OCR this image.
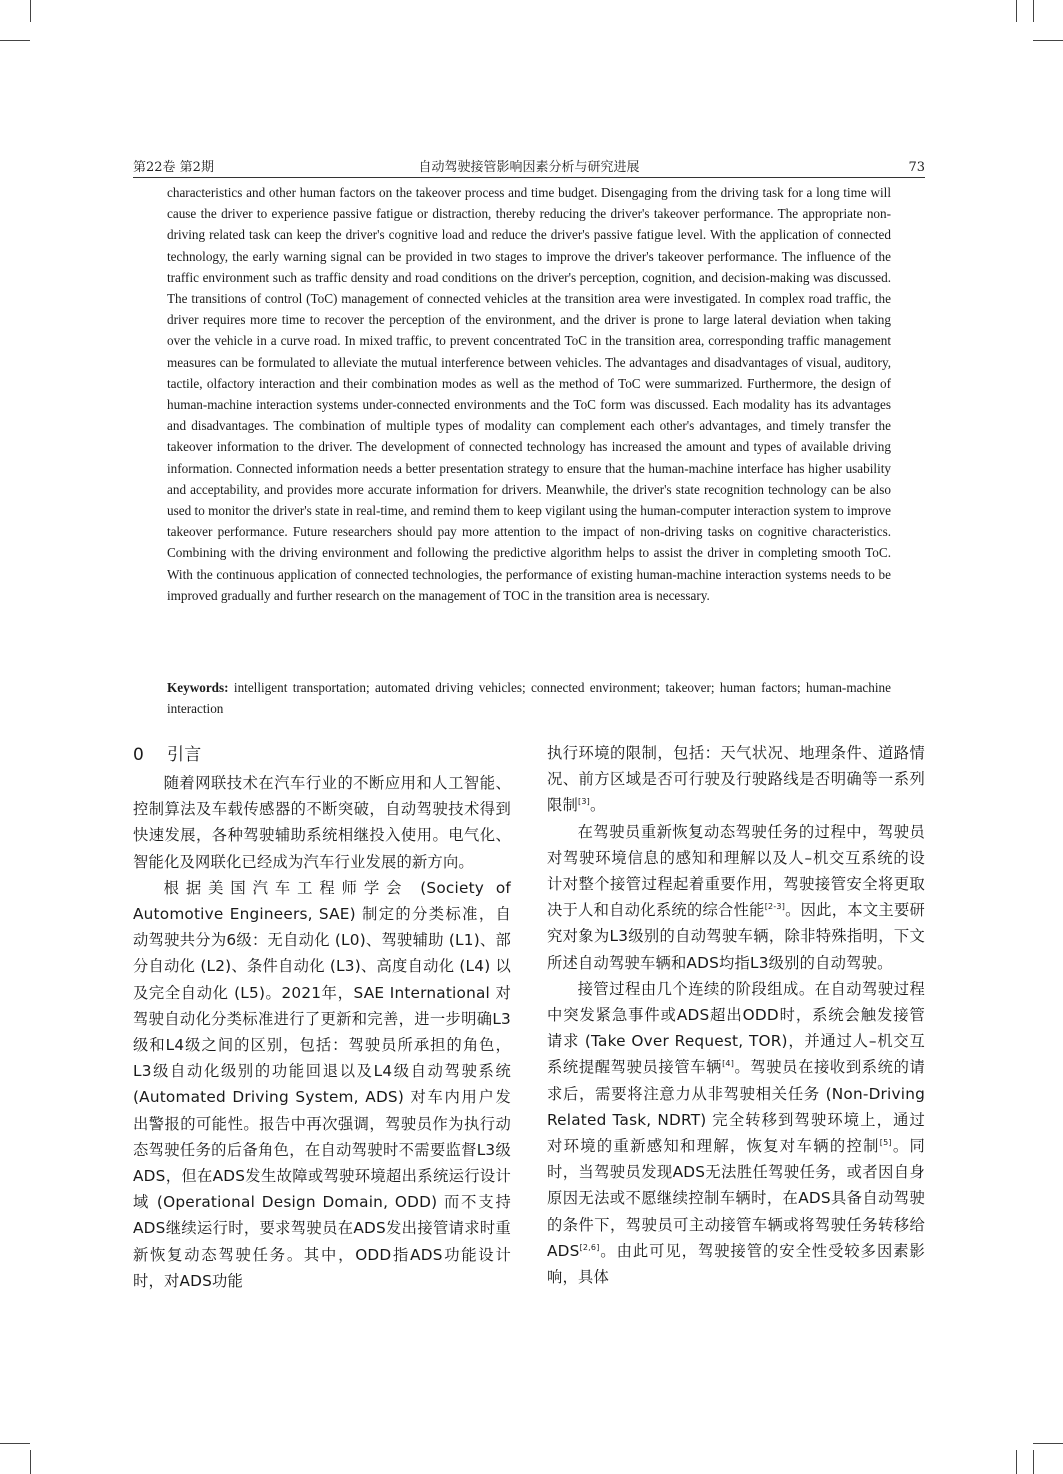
第22卷 第2期	自动驾驶接管影响因素分析与研究进展	73
characteristics and other human factors on the takeover process and time budget. Disengaging from the driving task for a long time will cause the driver to experience passive fatigue or distraction, thereby reducing the driver's takeover performance. The appropriate non-driving related task can keep the driver's cognitive load and reduce the driver's passive fatigue level. With the application of connected technology, the early warning signal can be provided in two stages to improve the driver's takeover performance. The influence of the traffic environment such as traffic density and road conditions on the driver's perception, cognition, and decision-making was discussed. The transitions of control (ToC) management of connected vehicles at the transition area were investigated. In complex road traffic, the driver requires more time to recover the perception of the environment, and the driver is prone to large lateral deviation when taking over the vehicle in a curve road. In mixed traffic, to prevent concentrated ToC in the transition area, corresponding traffic management measures can be formulated to alleviate the mutual interference between vehicles. The advantages and disadvantages of visual, auditory, tactile, olfactory interaction and their combination modes as well as the method of ToC were summarized. Furthermore, the design of human-machine interaction systems under-connected environments and the ToC form was discussed. Each modality has its advantages and disadvantages. The combination of multiple types of modality can complement each other's advantages, and timely transfer the takeover information to the driver. The development of connected technology has increased the amount and types of available driving information. Connected information needs a better presentation strategy to ensure that the human-machine interface has higher usability and acceptability, and provides more accurate information for drivers. Meanwhile, the driver's state recognition technology can be also used to monitor the driver's state in real-time, and remind them to keep vigilant using the human-computer interaction system to improve takeover performance. Future researchers should pay more attention to the impact of non-driving tasks on cognitive characteristics. Combining with the driving environment and following the predictive algorithm helps to assist the driver in completing smooth ToC. With the continuous application of connected technologies, the performance of existing human-machine interaction systems needs to be improved gradually and further research on the management of TOC in the transition area is necessary.
Keywords: intelligent transportation; automated driving vehicles; connected environment; takeover; human factors; human-machine interaction
0 引言

随着网联技术在汽车行业的不断应用和人工智能、控制算法及车载传感器的不断突破，自动驾驶技术得到快速发展，各种驾驶辅助系统相继投入使用。电气化、智能化及网联化已经成为汽车行业发展的新方向。

根据美国汽车工程师学会 (Society of Automotive Engineers, SAE) 制定的分类标准，自动驾驶共分为6级：无自动化 (L0)、驾驶辅助 (L1)、部分自动化 (L2)、条件自动化 (L3)、高度自动化 (L4) 以及完全自动化 (L5)。2021年，SAE International 对驾驶自动化分类标准进行了更新和完善，进一步明确L3级和L4级之间的区别，包括：驾驶员所承担的角色，L3级自动化级别的功能回退以及L4级自动驾驶系统 (Automated Driving System, ADS) 对车内用户发出警报的可能性。报告中再次强调，驾驶员作为执行动态驾驶任务的后备角色，在自动驾驶时不需要监督L3级ADS，但在ADS发生故障或驾驶环境超出系统运行设计域 (Operational Design Domain, ODD) 而不支持ADS继续运行时，要求驾驶员在ADS发出接管请求时重新恢复动态驾驶任务。其中，ODD指ADS功能设计时，对ADS功能

执行环境的限制，包括：天气状况、地理条件、道路情况、前方区域是否可行驶及行驶路线是否明确等一系列限制[3]。

在驾驶员重新恢复动态驾驶任务的过程中，驾驶员对驾驶环境信息的感知和理解以及人–机交互系统的设计对整个接管过程起着重要作用，驾驶接管安全将更取决于人和自动化系统的综合性能[2-3]。因此，本文主要研究对象为L3级别的自动驾驶车辆，除非特殊指明，下文所述自动驾驶车辆和ADS均指L3级别的自动驾驶。

接管过程由几个连续的阶段组成。在自动驾驶过程中突发紧急事件或ADS超出ODD时，系统会触发接管请求 (Take Over Request, TOR)，并通过人–机交互系统提醒驾驶员接管车辆[4]。驾驶员在接收到系统的请求后，需要将注意力从非驾驶相关任务 (Non-Driving Related Task, NDRT) 完全转移到驾驶环境上，通过对环境的重新感知和理解，恢复对车辆的控制[5]。同时，当驾驶员发现ADS无法胜任驾驶任务，或者因自身原因无法或不愿继续控制车辆时，在ADS具备自动驾驶的条件下，驾驶员可主动接管车辆或将驾驶任务转移给ADS[2,6]。由此可见，驾驶接管的安全性受较多因素影响，具体
